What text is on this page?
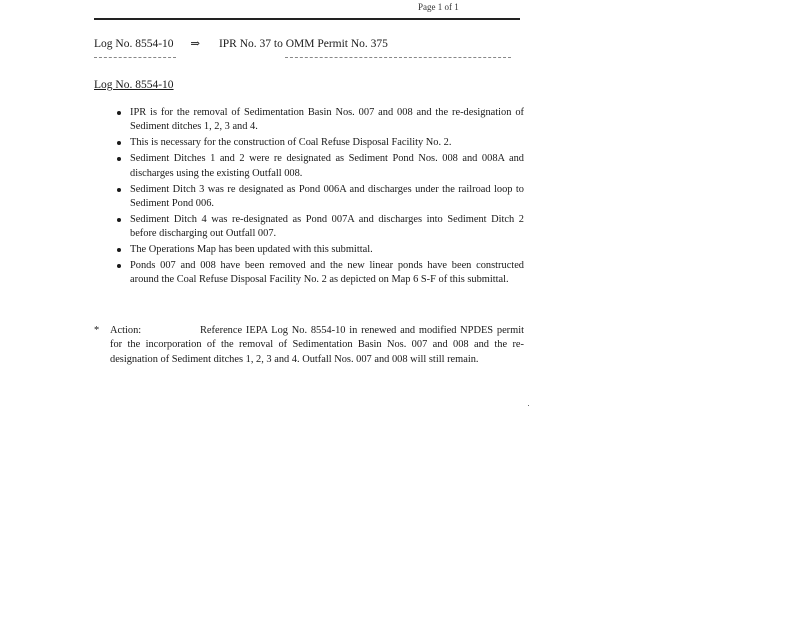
Page 1 of 1
Log No. 8554-10 ⇒ IPR No. 37 to OMM Permit No. 375
Log No. 8554-10
IPR is for the removal of Sedimentation Basin Nos. 007 and 008 and the re-designation of Sediment ditches 1, 2, 3 and 4.
This is necessary for the construction of Coal Refuse Disposal Facility No. 2.
Sediment Ditches 1 and 2 were re designated as Sediment Pond Nos. 008 and 008A and discharges using the existing Outfall 008.
Sediment Ditch 3 was re designated as Pond 006A and discharges under the railroad loop to Sediment Pond 006.
Sediment Ditch 4 was re-designated as Pond 007A and discharges into Sediment Ditch 2 before discharging out Outfall 007.
The Operations Map has been updated with this submittal.
Ponds 007 and 008 have been removed and the new linear ponds have been constructed around the Coal Refuse Disposal Facility No. 2 as depicted on Map 6 S-F of this submittal.
* Action:	Reference IEPA Log No. 8554-10 in renewed and modified NPDES permit for the incorporation of the removal of Sedimentation Basin Nos. 007 and 008 and the re-designation of Sediment ditches 1, 2, 3 and 4. Outfall Nos. 007 and 008 will still remain.
